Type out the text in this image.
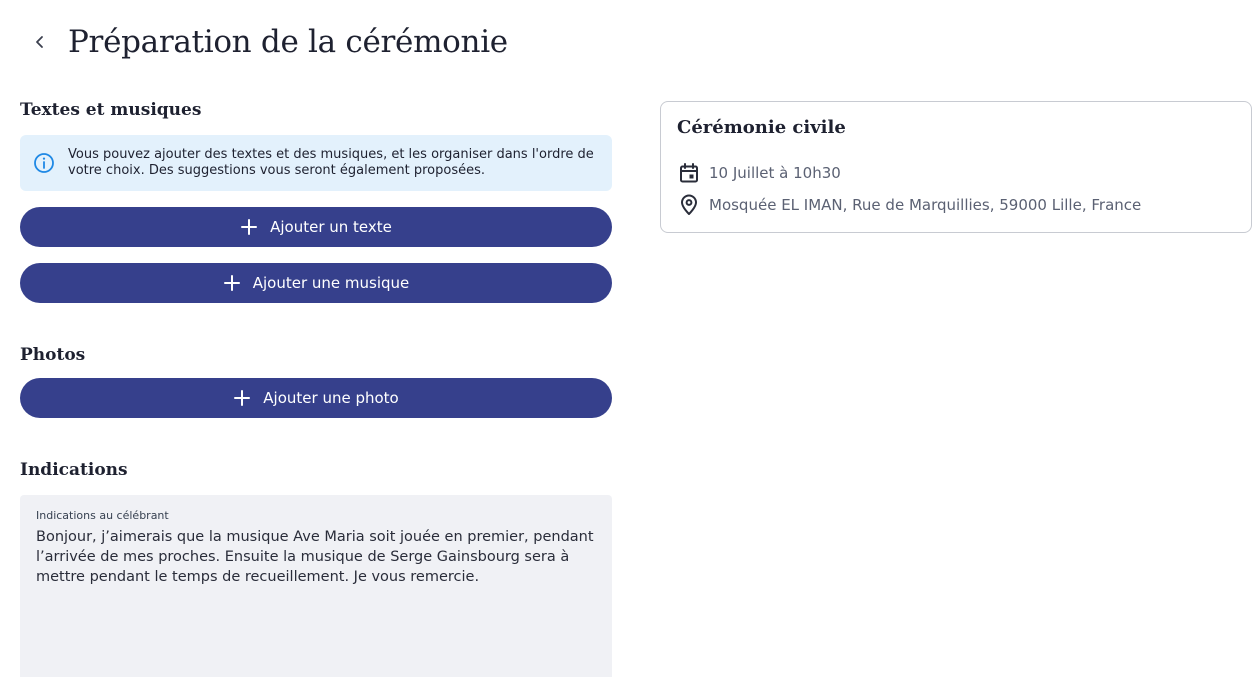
Préparation de la cérémonie
Textes et musiques

Vous pouvez ajouter des textes et des musiques, et les organiser dans l'ordre de votre choix. Des suggestions vous seront également proposées.

Ajouter un texte
Ajouter une musique
Photos
Ajouter une photo
Indications
Indications au célébrant Bonjour, j’aimerais que la musique Ave Maria soit jouée en premier, pendant l’arrivée de mes proches. Ensuite la musique de Serge Gainsbourg sera à mettre pendant le temps de recueillement. Je vous remercie.
Cérémonie civile
10 Juillet à 10h30
Mosquée EL IMAN, Rue de Marquillies, 59000 Lille, France
